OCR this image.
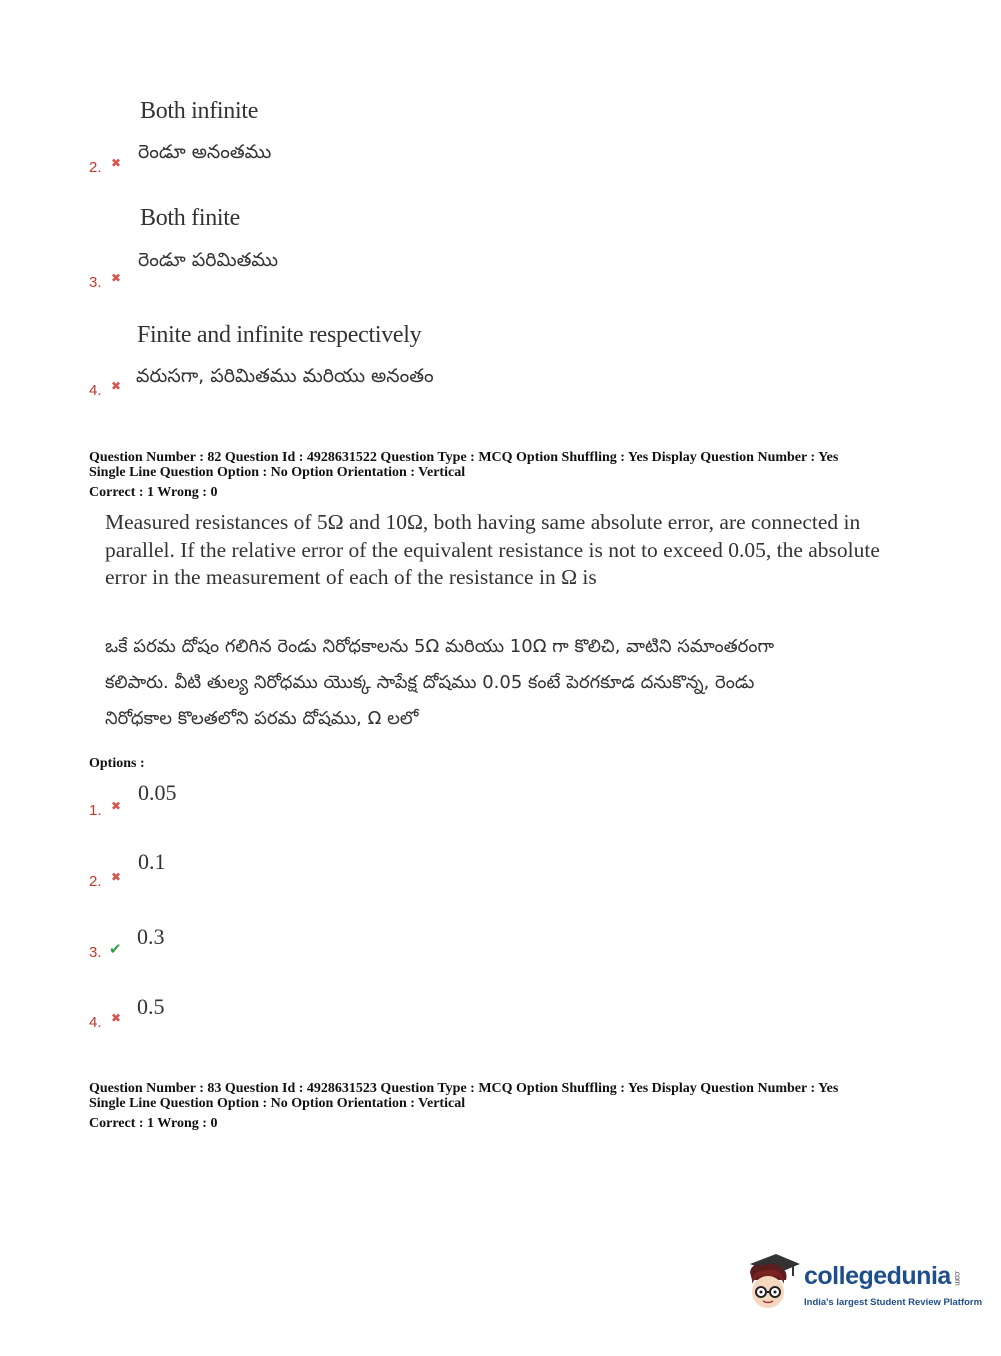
Both infinite
రెండూ అనంతము
2. ✖
Both finite
రెండూ పరిమితము
3. ✖
Finite and infinite respectively
వరుసగా, పరిమితము మరియు అనంతం
4. ✖
Question Number : 82 Question Id : 4928631522 Question Type : MCQ Option Shuffling : Yes Display Question Number : Yes
Single Line Question Option : No Option Orientation : Vertical
Correct : 1 Wrong : 0
Measured resistances of 5Ω and 10Ω, both having same absolute error, are connected in
parallel. If the relative error of the equivalent resistance is not to exceed 0.05, the absolute
error in the measurement of each of the resistance in Ω is
ఒకే పరమ దోషం గలిగిన రెండు నిరోధకాలను 5Ω మరియు 10Ω గా కొలిచి, వాటిని సమాంతరంగా
కలిపారు. వీటి తుల్య నిరోధము యొక్క సాపేక్ష దోషము 0.05 కంటే పెరగకూడ దనుకొన్న, రెండు
నిరోధకాల కొలతలోని పరమ దోషము, Ω లలో
Options :
0.05
1. ✖
0.1
2. ✖
0.3
3. ✔
0.5
4. ✖
Question Number : 83 Question Id : 4928631523 Question Type : MCQ Option Shuffling : Yes Display Question Number : Yes
Single Line Question Option : No Option Orientation : Vertical
Correct : 1 Wrong : 0
collegedunia .com
India's largest Student Review Platform
